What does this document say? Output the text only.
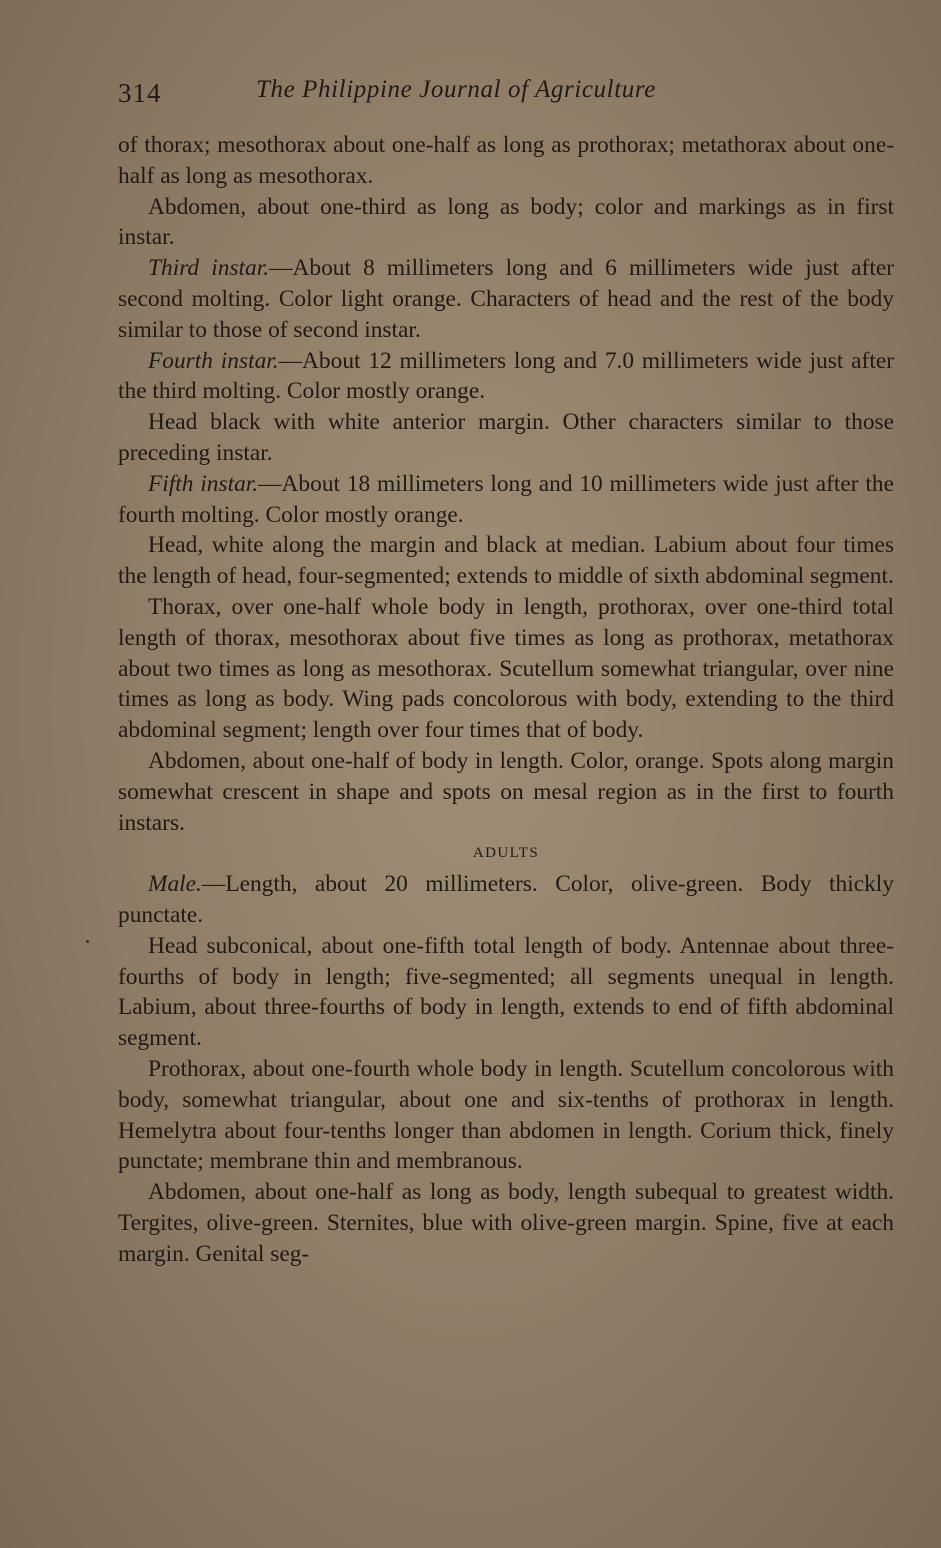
314	The Philippine Journal of Agriculture

of thorax; mesothorax about one-half as long as prothorax; metathorax about one-half as long as mesothorax.

Abdomen, about one-third as long as body; color and markings as in first instar.

Third instar.—About 8 millimeters long and 6 millimeters wide just after second molting. Color light orange. Characters of head and the rest of the body similar to those of second instar.

Fourth instar.—About 12 millimeters long and 7.0 millimeters wide just after the third molting. Color mostly orange.

Head black with white anterior margin. Other characters similar to those preceding instar.

Fifth instar.—About 18 millimeters long and 10 millimeters wide just after the fourth molting. Color mostly orange.

Head, white along the margin and black at median. Labium about four times the length of head, four-segmented; extends to middle of sixth abdominal segment.

Thorax, over one-half whole body in length, prothorax, over one-third total length of thorax, mesothorax about five times as long as prothorax, metathorax about two times as long as mesothorax. Scutellum somewhat triangular, over nine times as long as body. Wing pads concolorous with body, extending to the third abdominal segment; length over four times that of body.

Abdomen, about one-half of body in length. Color, orange. Spots along margin somewhat crescent in shape and spots on mesal region as in the first to fourth instars.

ADULTS

Male.—Length, about 20 millimeters. Color, olive-green. Body thickly punctate.

Head subconical, about one-fifth total length of body. Antennae about three-fourths of body in length; five-segmented; all segments unequal in length. Labium, about three-fourths of body in length, extends to end of fifth abdominal segment.

Prothorax, about one-fourth whole body in length. Scutellum concolorous with body, somewhat triangular, about one and six-tenths of prothorax in length. Hemelytra about four-tenths longer than abdomen in length. Corium thick, finely punctate; membrane thin and membranous.

Abdomen, about one-half as long as body, length subequal to greatest width. Tergites, olive-green. Sternites, blue with olive-green margin. Spine, five at each margin. Genital seg-
